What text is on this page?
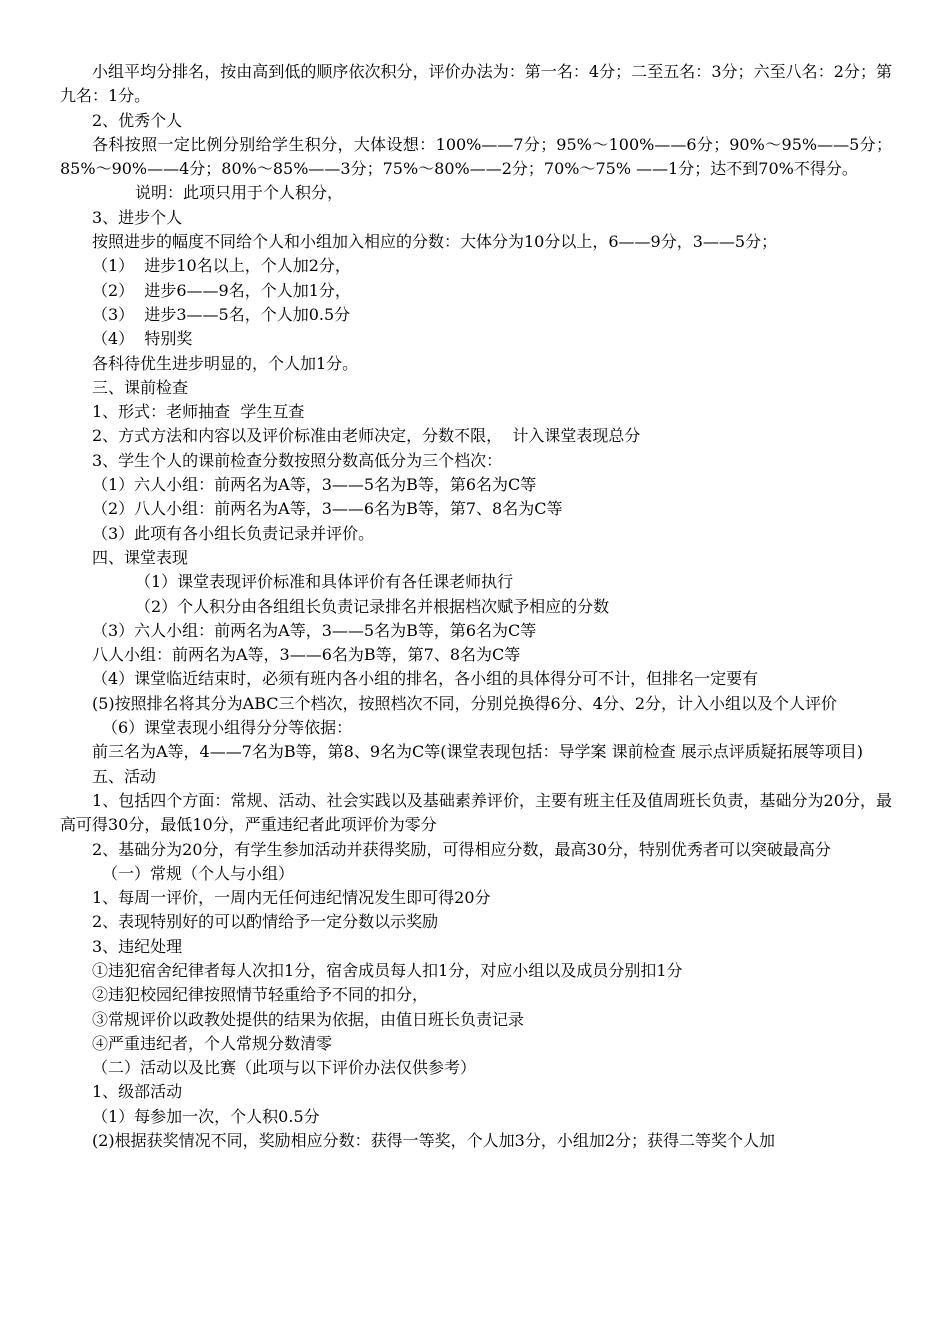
小组平均分排名，按由高到低的顺序依次积分，评价办法为：第一名：4分；二至五名：3分；六至八名：2分；第九名：1分。

2、优秀个人

各科按照一定比例分别给学生积分，大体设想：100%——7分；95%～100%——6分；90%～95%——5分；85%～90%——4分；80%～85%——3分；75%～80%——2分；70%～75% ——1分；达不到70%不得分。

说明：此项只用于个人积分，

3、进步个人

按照进步的幅度不同给个人和小组加入相应的分数：大体分为10分以上，6——9分，3——5分；

（1）  进步10名以上，个人加2分，

（2）  进步6——9名，个人加1分，

（3）  进步3——5名，个人加0.5分

（4）  特别奖

各科待优生进步明显的，个人加1分。

三、课前检查

1、形式：老师抽查  学生互查

2、方式方法和内容以及评价标准由老师决定，分数不限，  计入课堂表现总分

3、学生个人的课前检查分数按照分数高低分为三个档次：

（1）六人小组：前两名为A等，3——5名为B等，第6名为C等

（2）八人小组：前两名为A等，3——6名为B等，第7、8名为C等

（3）此项有各小组长负责记录并评价。

四、课堂表现

（1）课堂表现评价标准和具体评价有各任课老师执行

（2）个人积分由各组组长负责记录排名并根据档次赋予相应的分数

（3）六人小组：前两名为A等，3——5名为B等，第6名为C等

八人小组：前两名为A等，3——6名为B等，第7、8名为C等

（4）课堂临近结束时，必须有班内各小组的排名，各小组的具体得分可不计，但排名一定要有

(5)按照排名将其分为ABC三个档次，按照档次不同，分别兑换得6分、4分、2分，计入小组以及个人评价

（6）课堂表现小组得分分等依据：

前三名为A等，4——7名为B等，第8、9名为C等(课堂表现包括：导学案 课前检查 展示点评质疑拓展等项目)

五、活动

1、包括四个方面：常规、活动、社会实践以及基础素养评价，主要有班主任及值周班长负责，基础分为20分，最高可得30分，最低10分，严重违纪者此项评价为零分

2、基础分为20分，有学生参加活动并获得奖励，可得相应分数，最高30分，特别优秀者可以突破最高分

（一）常规（个人与小组）

1、每周一评价，一周内无任何违纪情况发生即可得20分

2、表现特别好的可以酌情给予一定分数以示奖励

3、违纪处理

①违犯宿舍纪律者每人次扣1分，宿舍成员每人扣1分，对应小组以及成员分别扣1分

②违犯校园纪律按照情节轻重给予不同的扣分，

③常规评价以政教处提供的结果为依据，由值日班长负责记录

④严重违纪者，个人常规分数清零

（二）活动以及比赛（此项与以下评价办法仅供参考）

1、级部活动

（1）每参加一次，个人积0.5分

(2)根据获奖情况不同，奖励相应分数：获得一等奖，个人加3分，小组加2分；获得二等奖个人加
